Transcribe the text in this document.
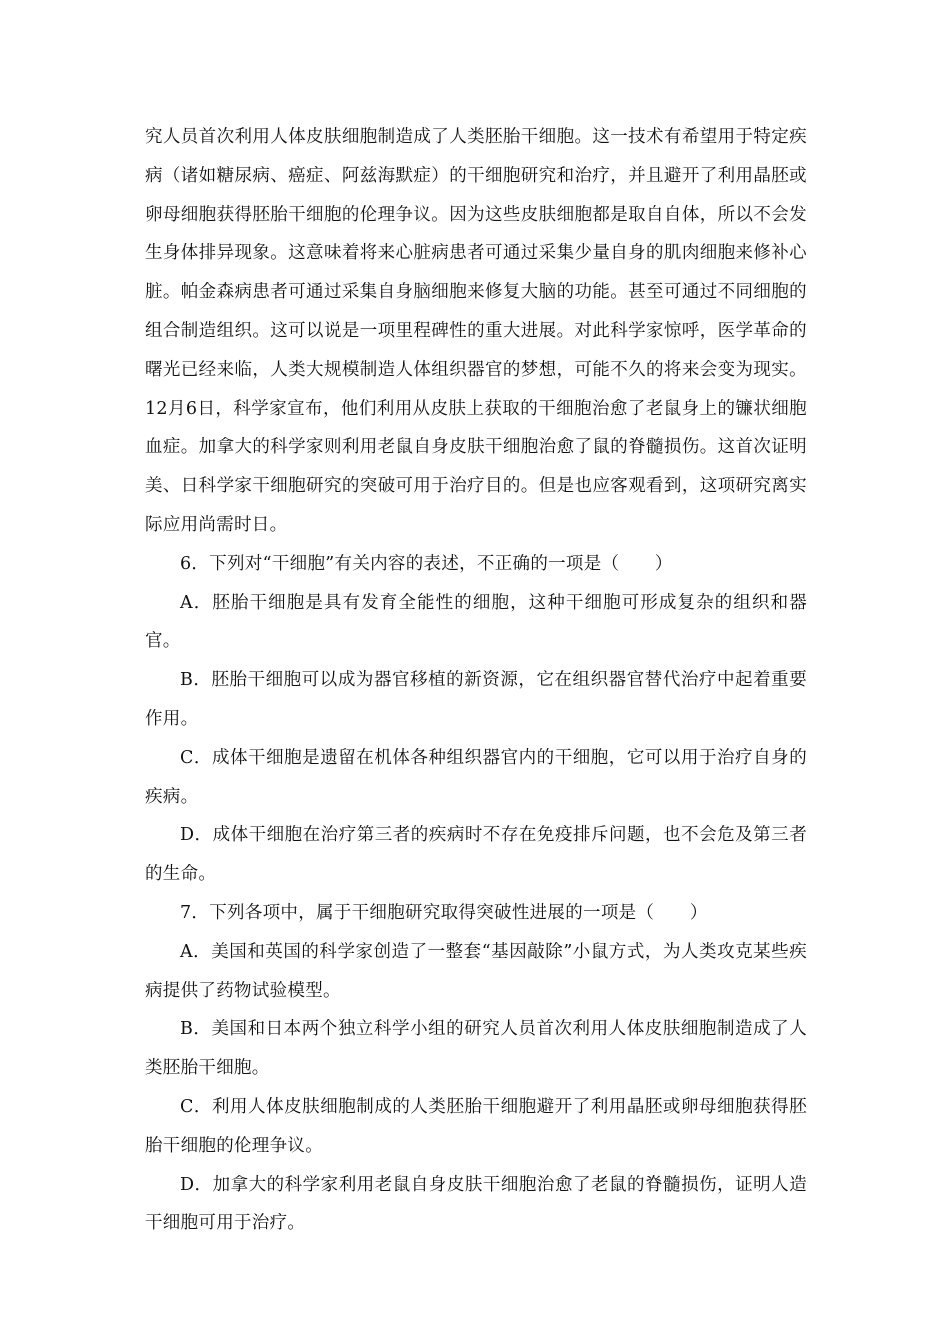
究人员首次利用人体皮肤细胞制造成了人类胚胎干细胞。这一技术有希望用于特定疾病（诸如糖尿病、癌症、阿兹海默症）的干细胞研究和治疗，并且避开了利用晶胚或卵母细胞获得胚胎干细胞的伦理争议。因为这些皮肤细胞都是取自自体，所以不会发生身体排异现象。这意味着将来心脏病患者可通过采集少量自身的肌肉细胞来修补心脏。帕金森病患者可通过采集自身脑细胞来修复大脑的功能。甚至可通过不同细胞的组合制造组织。这可以说是一项里程碑性的重大进展。对此科学家惊呼，医学革命的曙光已经来临，人类大规模制造人体组织器官的梦想，可能不久的将来会变为现实。12月6日，科学家宣布，他们利用从皮肤上获取的干细胞治愈了老鼠身上的镰状细胞血症。加拿大的科学家则利用老鼠自身皮肤干细胞治愈了鼠的脊髓损伤。这首次证明美、日科学家干细胞研究的突破可用于治疗目的。但是也应客观看到，这项研究离实际应用尚需时日。

6．下列对“干细胞”有关内容的表述，不正确的一项是（　　）

A．胚胎干细胞是具有发育全能性的细胞，这种干细胞可形成复杂的组织和器官。

B．胚胎干细胞可以成为器官移植的新资源，它在组织器官替代治疗中起着重要作用。

C．成体干细胞是遗留在机体各种组织器官内的干细胞，它可以用于治疗自身的疾病。

D．成体干细胞在治疗第三者的疾病时不存在免疫排斥问题，也不会危及第三者的生命。

7．下列各项中，属于干细胞研究取得突破性进展的一项是（　　）

A．美国和英国的科学家创造了一整套“基因敲除”小鼠方式，为人类攻克某些疾病提供了药物试验模型。

B．美国和日本两个独立科学小组的研究人员首次利用人体皮肤细胞制造成了人类胚胎干细胞。

C．利用人体皮肤细胞制成的人类胚胎干细胞避开了利用晶胚或卵母细胞获得胚胎干细胞的伦理争议。

D．加拿大的科学家利用老鼠自身皮肤干细胞治愈了老鼠的脊髓损伤，证明人造干细胞可用于治疗。
